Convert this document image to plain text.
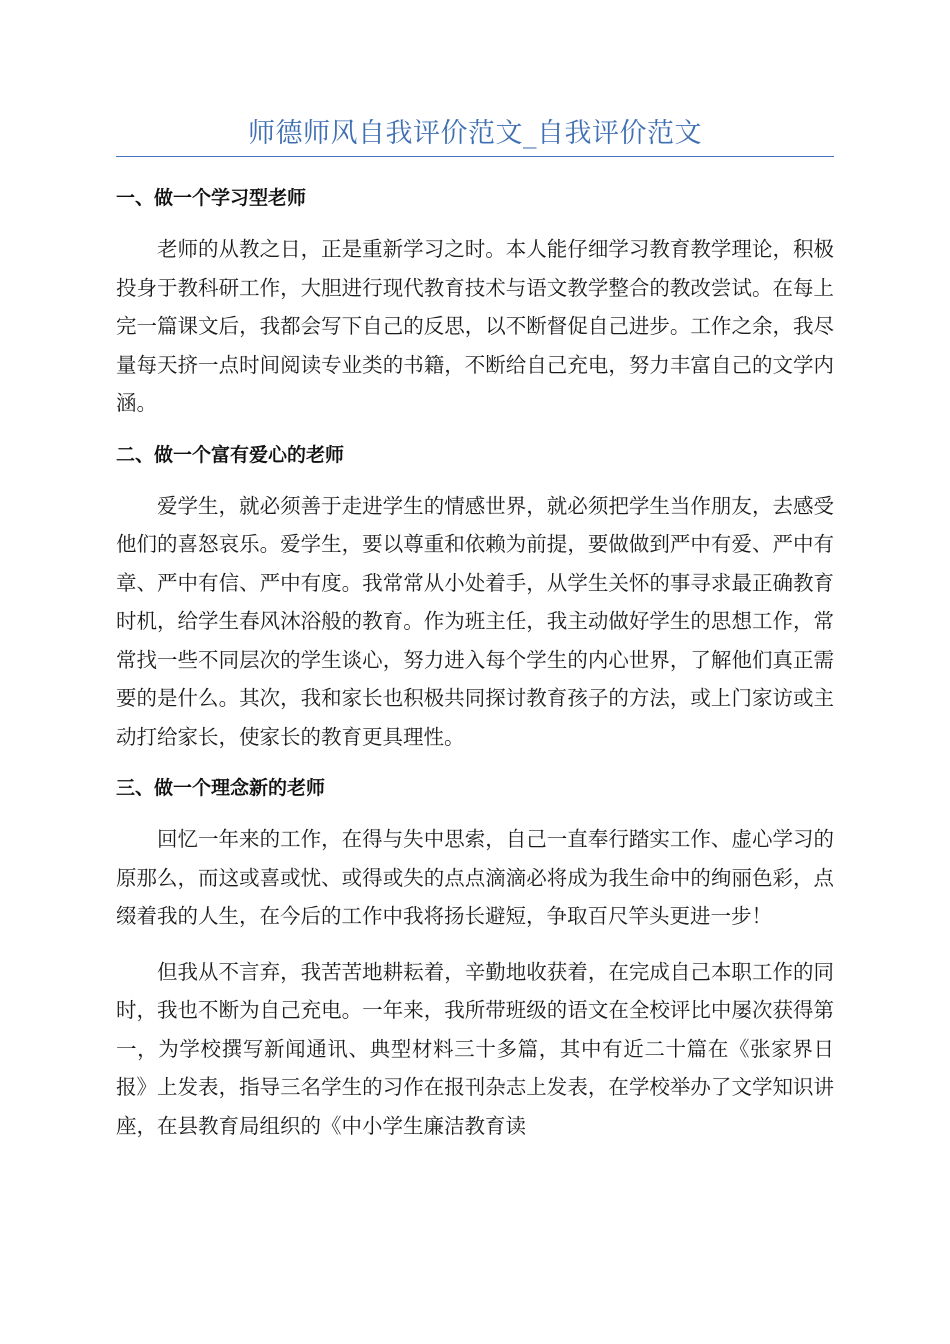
师德师风自我评价范文_自我评价范文
一、做一个学习型老师

老师的从教之日，正是重新学习之时。本人能仔细学习教育教学理论，积极投身于教科研工作，大胆进行现代教育技术与语文教学整合的教改尝试。在每上完一篇课文后，我都会写下自己的反思，以不断督促自己进步。工作之余，我尽量每天挤一点时间阅读专业类的书籍，不断给自己充电，努力丰富自己的文学内涵。

二、做一个富有爱心的老师

爱学生，就必须善于走进学生的情感世界，就必须把学生当作朋友，去感受他们的喜怒哀乐。爱学生，要以尊重和依赖为前提，要做做到严中有爱、严中有章、严中有信、严中有度。我常常从小处着手，从学生关怀的事寻求最正确教育时机，给学生春风沐浴般的教育。作为班主任，我主动做好学生的思想工作，常常找一些不同层次的学生谈心，努力进入每个学生的内心世界，了解他们真正需要的是什么。其次，我和家长也积极共同探讨教育孩子的方法，或上门家访或主动打给家长，使家长的教育更具理性。

三、做一个理念新的老师

回忆一年来的工作，在得与失中思索，自己一直奉行踏实工作、虚心学习的原那么，而这或喜或忧、或得或失的点点滴滴必将成为我生命中的绚丽色彩，点缀着我的人生，在今后的工作中我将扬长避短，争取百尺竿头更进一步！

但我从不言弃，我苦苦地耕耘着，辛勤地收获着，在完成自己本职工作的同时，我也不断为自己充电。一年来，我所带班级的语文在全校评比中屡次获得第一，为学校撰写新闻通讯、典型材料三十多篇，其中有近二十篇在《张家界日报》上发表，指导三名学生的习作在报刊杂志上发表，在学校举办了文学知识讲座，在县教育局组织的《中小学生廉洁教育读
